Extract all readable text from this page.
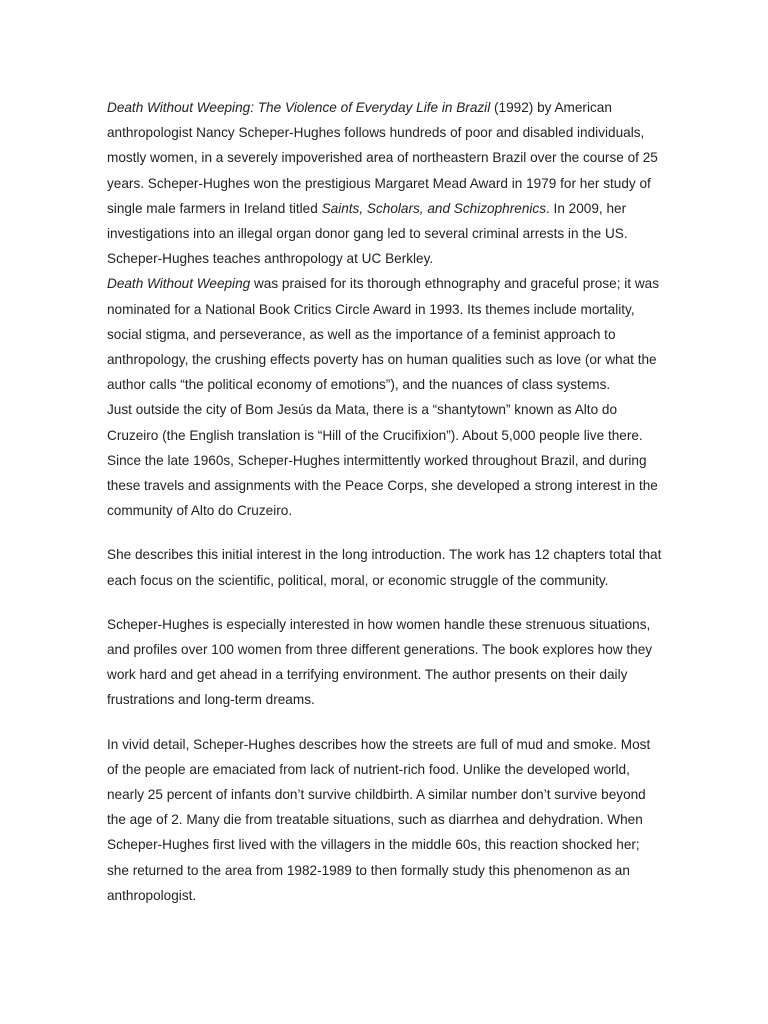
Death Without Weeping: The Violence of Everyday Life in Brazil (1992) by American anthropologist Nancy Scheper-Hughes follows hundreds of poor and disabled individuals, mostly women, in a severely impoverished area of northeastern Brazil over the course of 25 years. Scheper-Hughes won the prestigious Margaret Mead Award in 1979 for her study of single male farmers in Ireland titled Saints, Scholars, and Schizophrenics. In 2009, her investigations into an illegal organ donor gang led to several criminal arrests in the US. Scheper-Hughes teaches anthropology at UC Berkley.

Death Without Weeping was praised for its thorough ethnography and graceful prose; it was nominated for a National Book Critics Circle Award in 1993. Its themes include mortality, social stigma, and perseverance, as well as the importance of a feminist approach to anthropology, the crushing effects poverty has on human qualities such as love (or what the author calls “the political economy of emotions”), and the nuances of class systems.

Just outside the city of Bom Jesús da Mata, there is a “shantytown” known as Alto do Cruzeiro (the English translation is “Hill of the Crucifixion”). About 5,000 people live there. Since the late 1960s, Scheper-Hughes intermittently worked throughout Brazil, and during these travels and assignments with the Peace Corps, she developed a strong interest in the community of Alto do Cruzeiro.

She describes this initial interest in the long introduction. The work has 12 chapters total that each focus on the scientific, political, moral, or economic struggle of the community.

Scheper-Hughes is especially interested in how women handle these strenuous situations, and profiles over 100 women from three different generations. The book explores how they work hard and get ahead in a terrifying environment. The author presents on their daily frustrations and long-term dreams.

In vivid detail, Scheper-Hughes describes how the streets are full of mud and smoke. Most of the people are emaciated from lack of nutrient-rich food. Unlike the developed world, nearly 25 percent of infants don’t survive childbirth. A similar number don’t survive beyond the age of 2. Many die from treatable situations, such as diarrhea and dehydration. When Scheper-Hughes first lived with the villagers in the middle 60s, this reaction shocked her; she returned to the area from 1982-1989 to then formally study this phenomenon as an anthropologist.
